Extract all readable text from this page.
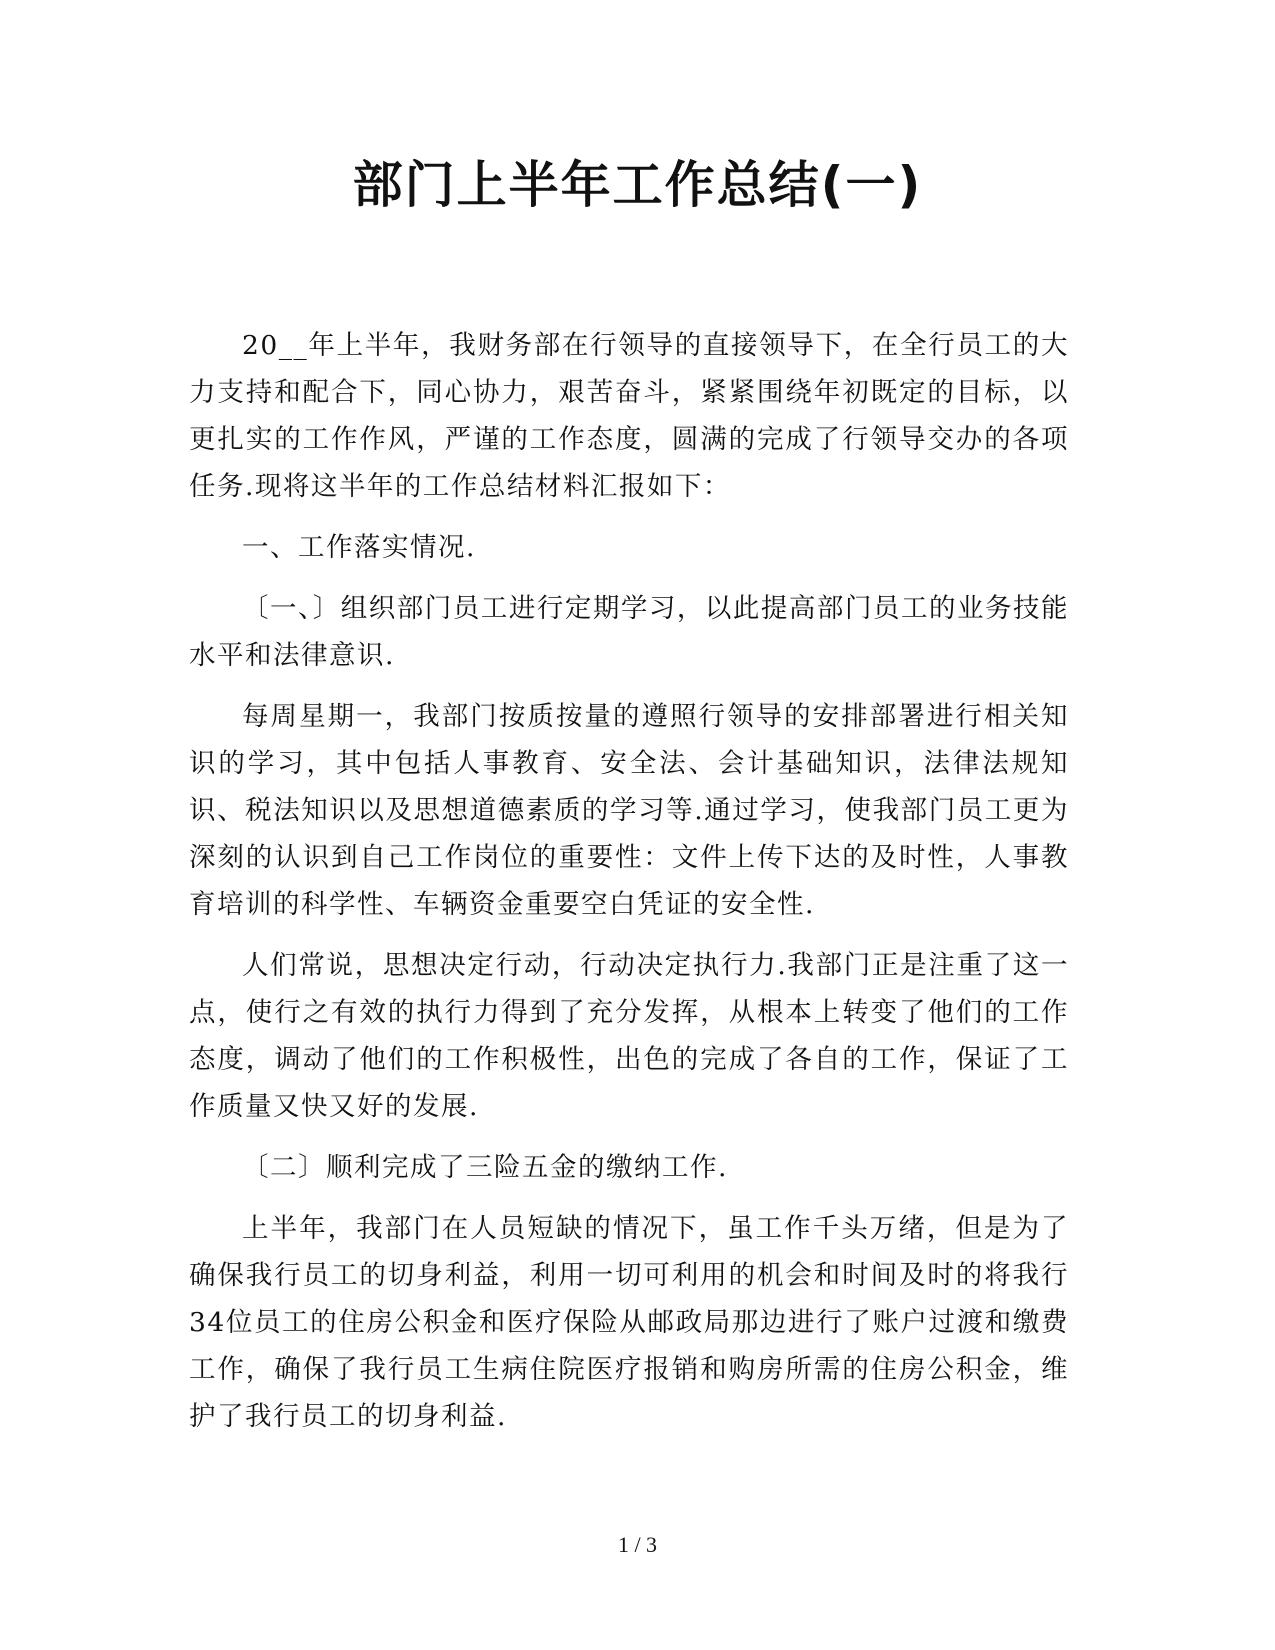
部门上半年工作总结(一)

20__年上半年，我财务部在行领导的直接领导下，在全行员工的大力支持和配合下，同心协力，艰苦奋斗，紧紧围绕年初既定的目标，以更扎实的工作作风，严谨的工作态度，圆满的完成了行领导交办的各项任务.现将这半年的工作总结材料汇报如下：

一、工作落实情况.

〔一、〕组织部门员工进行定期学习，以此提高部门员工的业务技能水平和法律意识.

每周星期一，我部门按质按量的遵照行领导的安排部署进行相关知识的学习，其中包括人事教育、安全法、会计基础知识，法律法规知识、税法知识以及思想道德素质的学习等.通过学习，使我部门员工更为深刻的认识到自己工作岗位的重要性：文件上传下达的及时性，人事教育培训的科学性、车辆资金重要空白凭证的安全性.

人们常说，思想决定行动，行动决定执行力.我部门正是注重了这一点，使行之有效的执行力得到了充分发挥，从根本上转变了他们的工作态度，调动了他们的工作积极性，出色的完成了各自的工作，保证了工作质量又快又好的发展.

〔二〕顺利完成了三险五金的缴纳工作.

上半年，我部门在人员短缺的情况下，虽工作千头万绪，但是为了确保我行员工的切身利益，利用一切可利用的机会和时间及时的将我行34位员工的住房公积金和医疗保险从邮政局那边进行了账户过渡和缴费工作，确保了我行员工生病住院医疗报销和购房所需的住房公积金，维护了我行员工的切身利益.

1 / 3
